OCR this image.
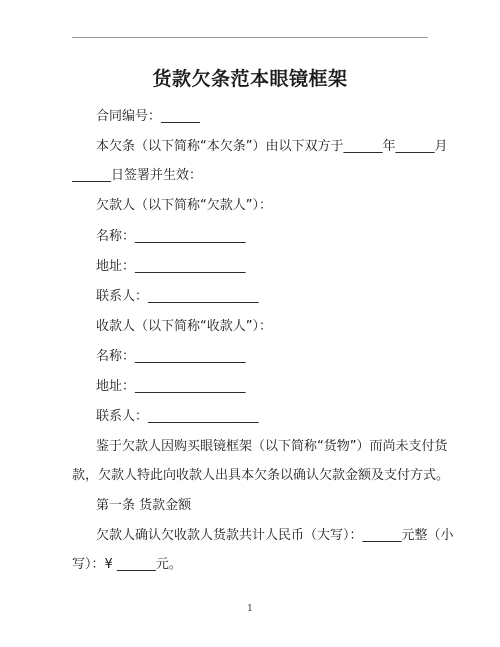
货款欠条范本眼镜框架
合同编号：______
本欠条（以下简称“本欠条”）由以下双方于______年______月
______日签署并生效：
欠款人（以下简称“欠款人”）：
名称：_________________
地址：_________________
联系人：_________________
收款人（以下简称“收款人”）：
名称：_________________
地址：_________________
联系人：_________________
鉴于欠款人因购买眼镜框架（以下简称“货物”）而尚未支付货
款，欠款人特此向收款人出具本欠条以确认欠款金额及支付方式。
第一条 货款金额
欠款人确认欠收款人货款共计人民币（大写）：______元整（小
写）：¥ ______元。
1
